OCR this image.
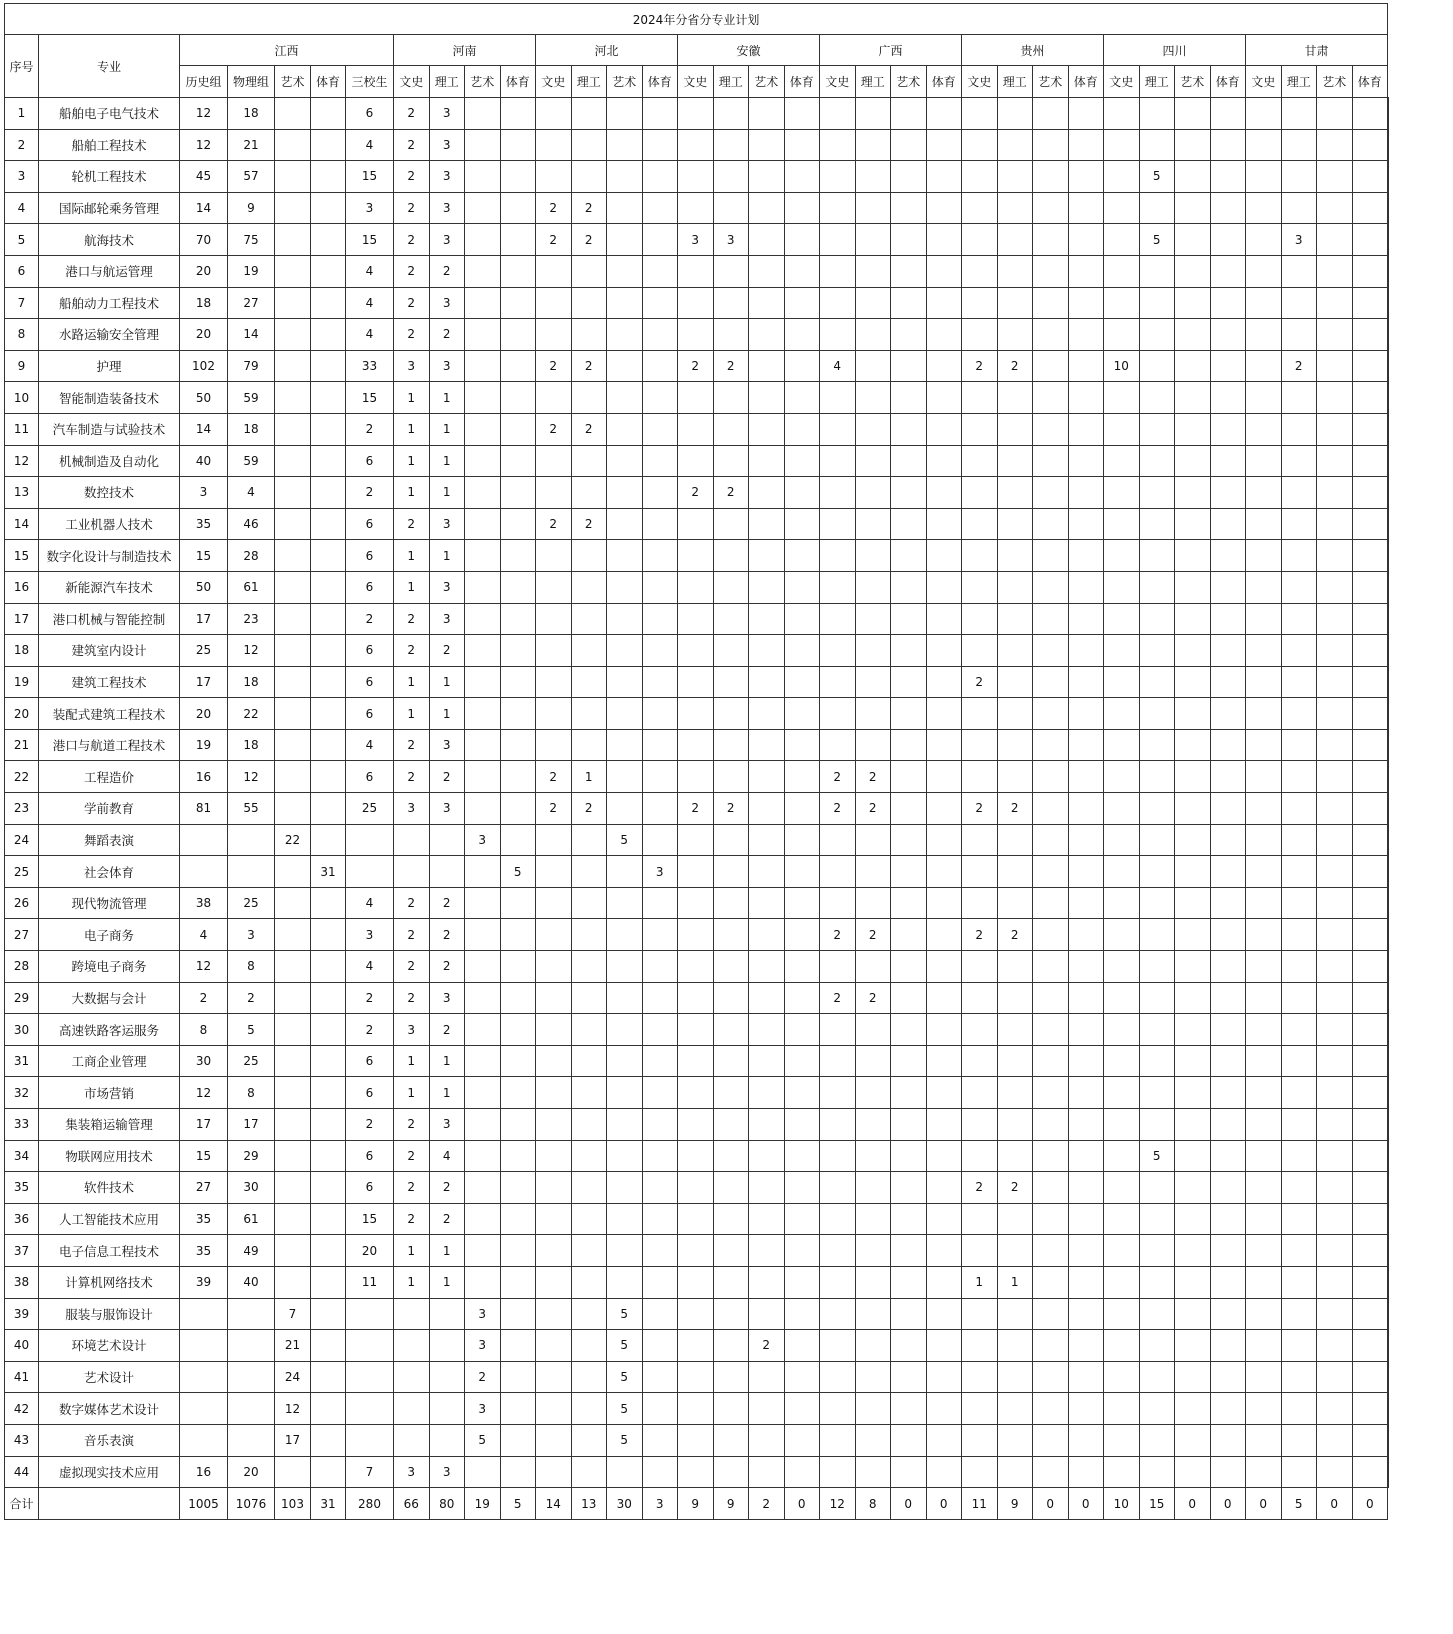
2024年分省分专业计划																																			
序号	专业	江西					河南				河北				安徽				广西				贵州				四川				甘肃				
		历史组	物理组	艺术	体育	三校生	文史	理工	艺术	体育	文史	理工	艺术	体育	文史	理工	艺术	体育	文史	理工	艺术	体育	文史	理工	艺术	体育	文史	理工	艺术	体育	文史	理工	艺术	体育	
1	船舶电子电气技术	12	18			6	2	3																											
2	船舶工程技术	12	21			4	2	3																											
3	轮机工程技术	45	57			15	2	3																				5							
4	国际邮轮乘务管理	14	9			3	2	3			2	2																							
5	航海技术	70	75			15	2	3			2	2			3	3												5				3			
6	港口与航运管理	20	19			4	2	2																											
7	船舶动力工程技术	18	27			4	2	3																											
8	水路运输安全管理	20	14			4	2	2																											
9	护理	102	79			33	3	3			2	2			2	2			4				2	2			10					2			
10	智能制造装备技术	50	59			15	1	1																											
11	汽车制造与试验技术	14	18			2	1	1			2	2																							
12	机械制造及自动化	40	59			6	1	1																											
13	数控技术	3	4			2	1	1							2	2																			
14	工业机器人技术	35	46			6	2	3			2	2																							
15	数字化设计与制造技术	15	28			6	1	1																											
16	新能源汽车技术	50	61			6	1	3																											
17	港口机械与智能控制	17	23			2	2	3																											
18	建筑室内设计	25	12			6	2	2																											
19	建筑工程技术	17	18			6	1	1															2												
20	装配式建筑工程技术	20	22			6	1	1																											
21	港口与航道工程技术	19	18			4	2	3																											
22	工程造价	16	12			6	2	2			2	1							2	2															
23	学前教育	81	55			25	3	3			2	2			2	2			2	2			2	2											
24	舞蹈表演			22					3				5																						
25	社会体育				31					5				3																					
26	现代物流管理	38	25			4	2	2																											
27	电子商务	4	3			3	2	2											2	2			2	2											
28	跨境电子商务	12	8			4	2	2																											
29	大数据与会计	2	2			2	2	3											2	2															
30	高速铁路客运服务	8	5			2	3	2																											
31	工商企业管理	30	25			6	1	1																											
32	市场营销	12	8			6	1	1																											
33	集装箱运输管理	17	17			2	2	3																											
34	物联网应用技术	15	29			6	2	4																				5							
35	软件技术	27	30			6	2	2															2	2											
36	人工智能技术应用	35	61			15	2	2																											
37	电子信息工程技术	35	49			20	1	1																											
38	计算机网络技术	39	40			11	1	1															1	1											
39	服装与服饰设计			7					3				5																						
40	环境艺术设计			21					3				5				2																		
41	艺术设计			24					2				5																						
42	数字媒体艺术设计			12					3				5																						
43	音乐表演			17					5				5																						
44	虚拟现实技术应用	16	20			7	3	3																											
合计		1005	1076	103	31	280	66	80	19	5	14	13	30	3	9	9	2	0	12	8	0	0	11	9	0	0	10	15	0	0	0	5	0	0	
